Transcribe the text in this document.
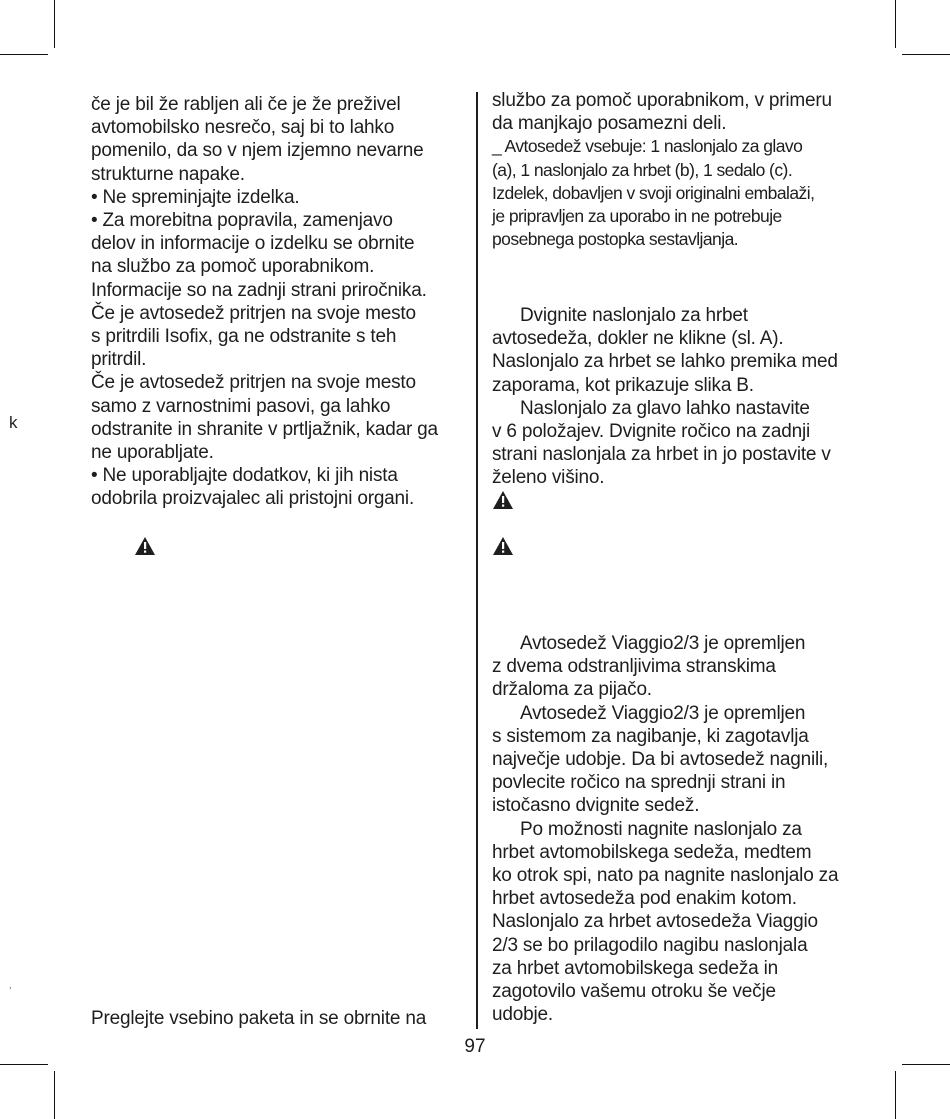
k
,

če je bil že rabljen ali če je že preživel

avtomobilsko nesrečo, saj bi to lahko

pomenilo, da so v njem izjemno nevarne

strukturne napake.

• Ne spreminjajte izdelka.

• Za morebitna popravila, zamenjavo

delov in informacije o izdelku se obrnite

na službo za pomoč uporabnikom.

Informacije so na zadnji strani priročnika.

Če je avtosedež pritrjen na svoje mesto

s pritrdili Isofix, ga ne odstranite s teh

pritrdil.

Če je avtosedež pritrjen na svoje mesto

samo z varnostnimi pasovi, ga lahko

odstranite in shranite v prtljažnik, kadar ga

ne uporabljate.

• Ne uporabljajte dodatkov, ki jih nista

odobrila proizvajalec ali pristojni organi.

Preglejte vsebino paketa in se obrnite na

službo za pomoč uporabnikom, v primeru

da manjkajo posamezni deli.

_ Avtosedež vsebuje: 1 naslonjalo za glavo

(a), 1 naslonjalo za hrbet (b), 1 sedalo (c).

Izdelek, dobavljen v svoji originalni embalaži,

je pripravljen za uporabo in ne potrebuje

posebnega postopka sestavljanja.

Dvignite naslonjalo za hrbet

avtosedeža, dokler ne klikne (sl. A).

Naslonjalo za hrbet se lahko premika med

zaporama, kot prikazuje slika B.

Naslonjalo za glavo lahko nastavite

v 6 položajev. Dvignite ročico na zadnji

strani naslonjala za hrbet in jo postavite v

želeno višino.

Avtosedež Viaggio2/3 je opremljen

z dvema odstranljivima stranskima

držaloma za pijačo.

Avtosedež Viaggio2/3 je opremljen

s sistemom za nagibanje, ki zagotavlja

največje udobje. Da bi avtosedež nagnili,

povlecite ročico na sprednji strani in

istočasno dvignite sedež.

Po možnosti nagnite naslonjalo za

hrbet avtomobilskega sedeža, medtem

ko otrok spi, nato pa nagnite naslonjalo za

hrbet avtosedeža pod enakim kotom.

Naslonjalo za hrbet avtosedeža Viaggio

2/3 se bo prilagodilo nagibu naslonjala

za hrbet avtomobilskega sedeža in

zagotovilo vašemu otroku še večje

udobje.

97
